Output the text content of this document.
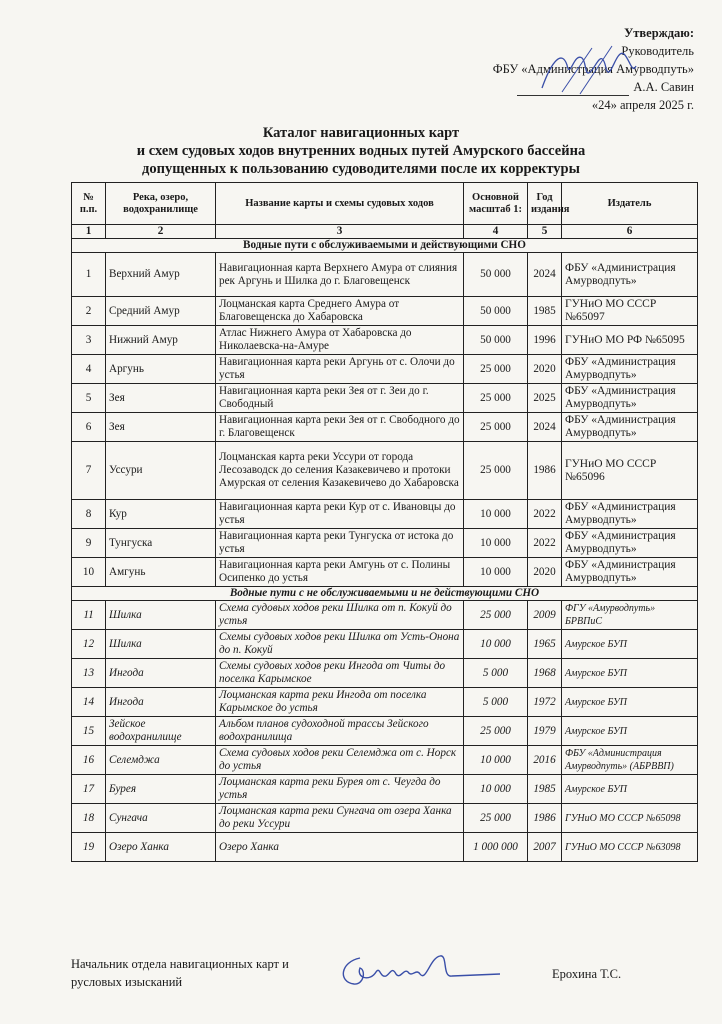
Утверждаю:
Руководитель
ФБУ «Администрация Амурводпуть»
А.А. Савин
«24» апреля 2025 г.
Каталог навигационных карт
и схем судовых ходов внутренних водных путей Амурского бассейна
допущенных к пользованию судоводителями после их корректуры
№ п.п.	Река, озеро, водохранилище	Название карты и схемы судовых ходов	Основной масштаб 1:	Год издания	Издатель
1	2	3	4	5	6
Водные пути с обслуживаемыми и действующими СНО					
1	Верхний Амур	Навигационная карта Верхнего Амура от слияния рек Аргунь и Шилка до г. Благовещенск	50 000	2024	ФБУ «Администрация Амурводпуть»
2	Средний Амур	Лоцманская карта Среднего Амура от Благовещенска до Хабаровска	50 000	1985	ГУНиО МО СССР №65097
3	Нижний Амур	Атлас Нижнего Амура от Хабаровска до Николаевска-на-Амуре	50 000	1996	ГУНиО МО РФ №65095
4	Аргунь	Навигационная карта реки Аргунь от с. Олочи до устья	25 000	2020	ФБУ «Администрация Амурводпуть»
5	Зея	Навигационная карта реки Зея от г. Зеи до г. Свободный	25 000	2025	ФБУ «Администрация Амурводпуть»
6	Зея	Навигационная карта реки Зея от г. Свободного до г. Благовещенск	25 000	2024	ФБУ «Администрация Амурводпуть»
7	Уссури	Лоцманская карта реки Уссури от города Лесозаводск до селения Казакевичево и протоки Амурская от селения Казакевичево до Хабаровска	25 000	1986	ГУНиО МО СССР №65096
8	Кур	Навигационная карта реки Кур от с. Ивановцы до устья	10 000	2022	ФБУ «Администрация Амурводпуть»
9	Тунгуска	Навигационная карта реки Тунгуска от истока до устья	10 000	2022	ФБУ «Администрация Амурводпуть»
10	Амгунь	Навигационная карта реки Амгунь от с. Полины Осипенко до устья	10 000	2020	ФБУ «Администрация Амурводпуть»
Водные пути с не обслуживаемыми и не действующими СНО					
11	Шилка	Схема судовых ходов реки Шилка от п. Кокуй до устья	25 000	2009	ФГУ «Амурводпуть» БРВПиС
12	Шилка	Схемы судовых ходов реки Шилка от Усть-Онона до п. Кокуй	10 000	1965	Амурское БУП
13	Ингода	Схемы судовых ходов реки Ингода от Читы до поселка Карымское	5 000	1968	Амурское БУП
14	Ингода	Лоцманская карта реки Ингода от поселка Карымское до устья	5 000	1972	Амурское БУП
15	Зейское водохранилище	Альбом планов судоходной трассы Зейского водохранилища	25 000	1979	Амурское БУП
16	Селемджа	Схема судовых ходов реки Селемджа от с. Норск до устья	10 000	2016	ФБУ «Администрация Амурводпуть» (АБРВВП)
17	Бурея	Лоцманская карта реки Бурея от с. Чеугда до устья	10 000	1985	Амурское БУП
18	Сунгача	Лоцманская карта реки Сунгача от озера Ханка до реки Уссури	25 000	1986	ГУНиО МО СССР №65098
19	Озеро Ханка	Озеро Ханка	1 000 000	2007	ГУНиО МО СССР №63098
Начальник отдела навигационных карт и
русловых изысканий
Ерохина Т.С.
